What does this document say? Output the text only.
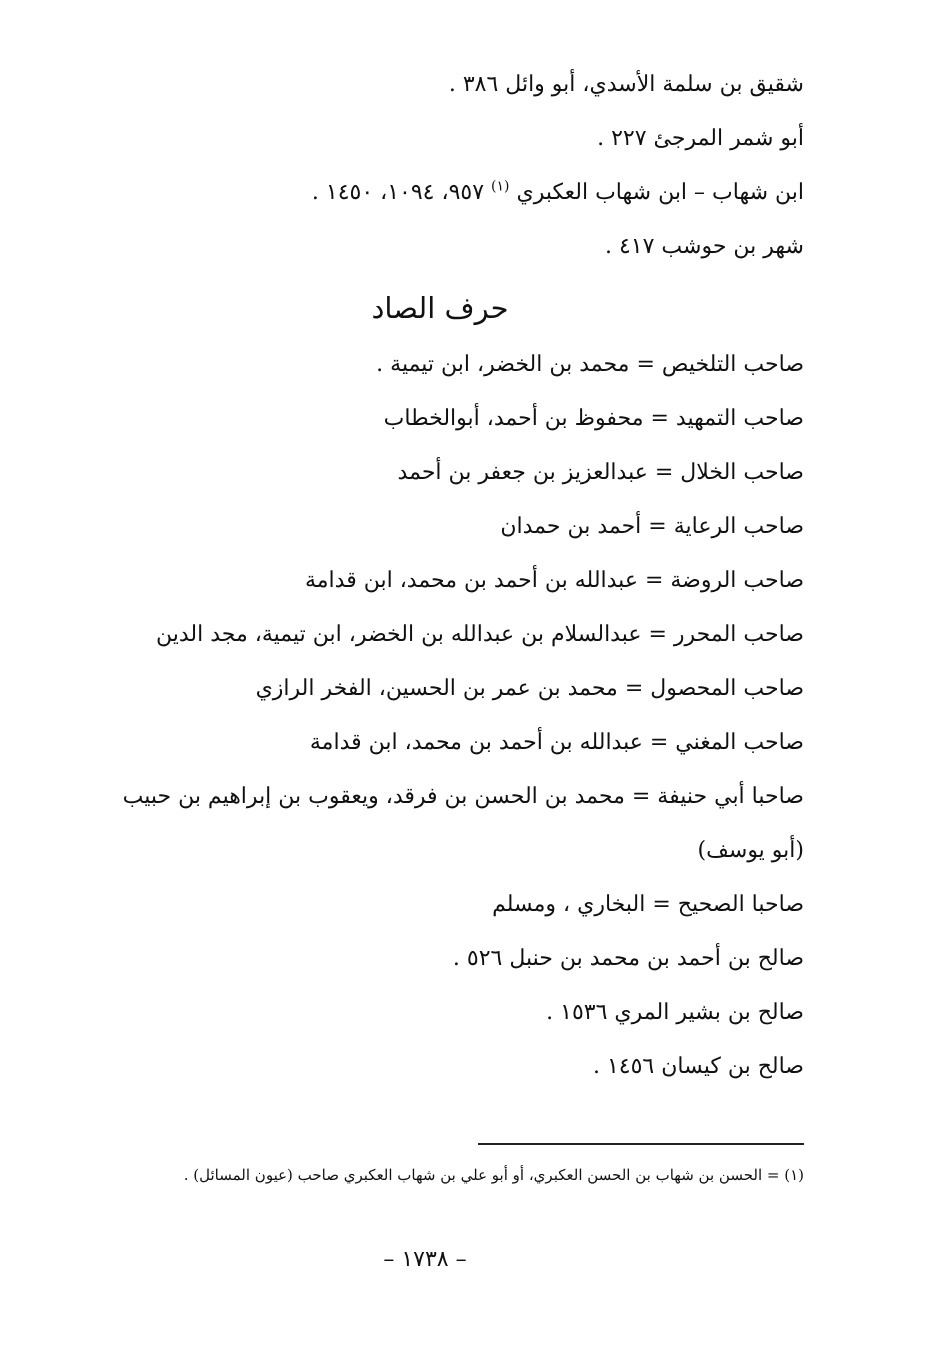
شقيق بن سلمة الأسدي، أبو وائل ٣٨٦ .
أبو شمر المرجئ ٢٢٧ .
ابن شهاب – ابن شهاب العكبري $^{(١)}$ ٩٥٧، ١٠٩٤، ١٤٥٠ .
شهر بن حوشب ٤١٧ .
حرف الصاد
صاحب التلخيص = محمد بن الخضر، ابن تيمية .
صاحب التمهيد = محفوظ بن أحمد، أبوالخطاب
صاحب الخلال = عبدالعزيز بن جعفر بن أحمد
صاحب الرعاية = أحمد بن حمدان
صاحب الروضة = عبدالله بن أحمد بن محمد، ابن قدامة
صاحب المحرر = عبدالسلام بن عبدالله بن الخضر، ابن تيمية، مجد الدين
صاحب المحصول = محمد بن عمر بن الحسين، الفخر الرازي
صاحب المغني = عبدالله بن أحمد بن محمد، ابن قدامة
صاحبا أبي حنيفة = محمد بن الحسن بن فرقد، ويعقوب بن إبراهيم بن حبيب
(أبو يوسف)
صاحبا الصحيح = البخاري ، ومسلم
صالح بن أحمد بن محمد بن حنبل ٥٢٦ .
صالح بن بشير المري ١٥٣٦ .
صالح بن كيسان ١٤٥٦ .
(١) = الحسن بن شهاب بن الحسن العكبري، أو أبو علي بن شهاب العكبري صاحب (عيون المسائل) .
– ١٧٣٨ –
